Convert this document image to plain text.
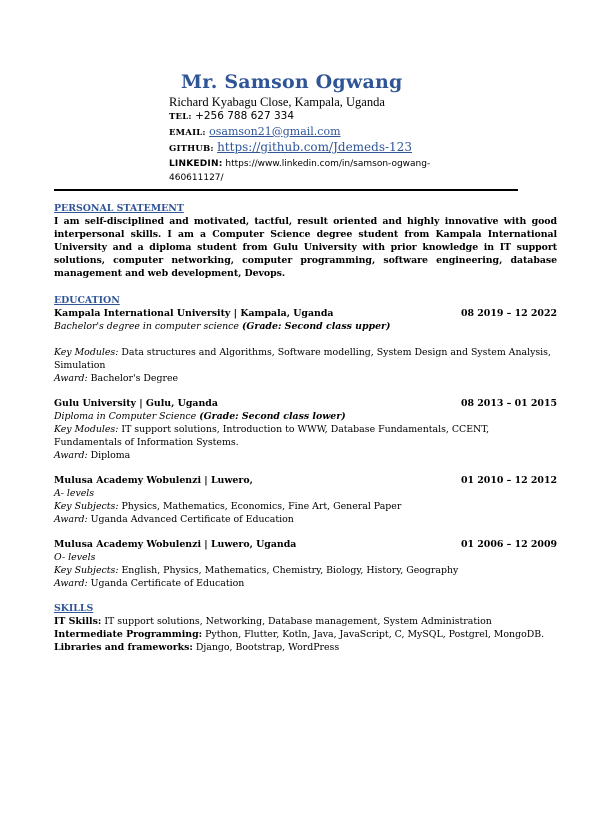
Mr. Samson Ogwang
Richard Kyabagu Close, Kampala, Uganda
TEL: +256 788 627 334
EMAIL: osamson21@gmail.com
GITHUB: https://github.com/Jdemeds-123
LINKEDIN: https://www.linkedin.com/in/samson-ogwang-
460611127/
PERSONAL STATEMENT

I am self-disciplined and motivated, tactful, result oriented and highly innovative with good interpersonal skills. I am a Computer Science degree student from Kampala International University and a diploma student from Gulu University with prior knowledge in IT support solutions, computer networking, computer programming, software engineering, database management and web development, Devops.

EDUCATION
Kampala International University | Kampala, Uganda	08 2019 – 12 2022
Bachelor's degree in computer science (Grade: Second class upper)
Key Modules: Data structures and Algorithms, Software modelling, System Design and System Analysis, Simulation
Award: Bachelor's Degree
Gulu University | Gulu, Uganda	08 2013 – 01 2015
Diploma in Computer Science (Grade: Second class lower)
Key Modules: IT support solutions, Introduction to WWW, Database Fundamentals, CCENT, Fundamentals of Information Systems.
Award: Diploma
Mulusa Academy Wobulenzi | Luwero,	01 2010 – 12 2012
A- levels
Key Subjects: Physics, Mathematics, Economics, Fine Art, General Paper
Award: Uganda Advanced Certificate of Education
Mulusa Academy Wobulenzi | Luwero, Uganda	01 2006 – 12 2009
O- levels
Key Subjects: English, Physics, Mathematics, Chemistry, Biology, History, Geography
Award: Uganda Certificate of Education
SKILLS
IT Skills: IT support solutions, Networking, Database management, System Administration
Intermediate Programming: Python, Flutter, Kotln, Java, JavaScript, C, MySQL, Postgrel, MongoDB.
Libraries and frameworks: Django, Bootstrap, WordPress
